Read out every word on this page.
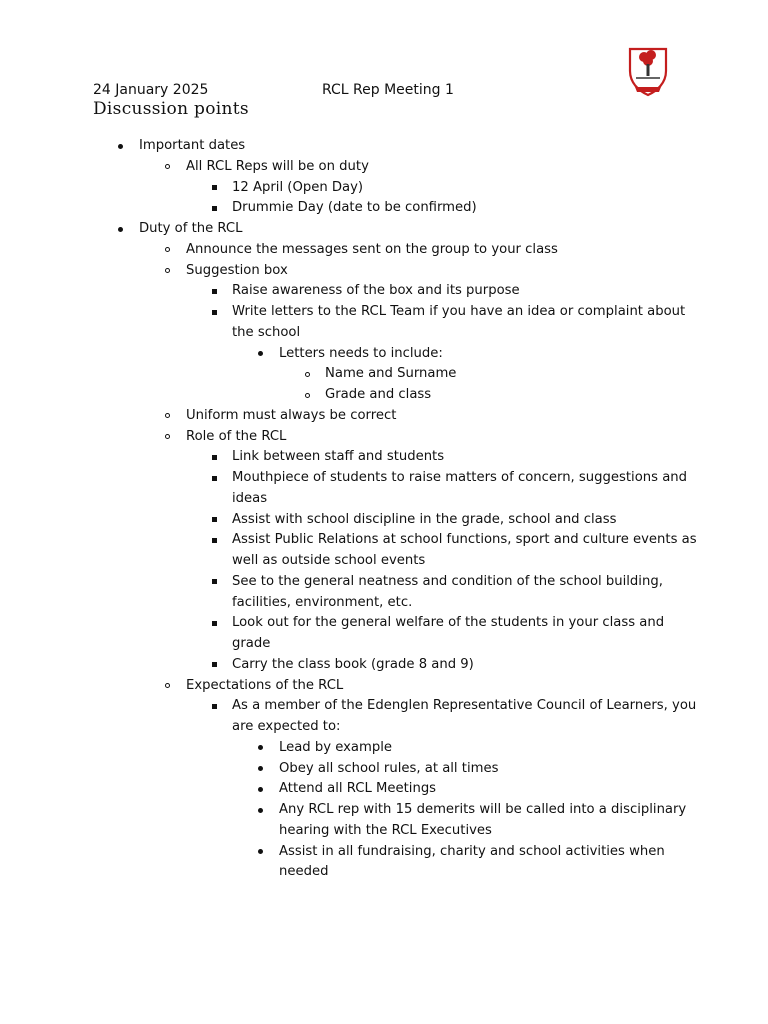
24 January 2025	RCL Rep Meeting 1
Discussion points
Important dates
All RCL Reps will be on duty
12 April (Open Day)
Drummie Day (date to be confirmed)
Duty of the RCL
Announce the messages sent on the group to your class
Suggestion box
Raise awareness of the box and its purpose
Write letters to the RCL Team if you have an idea or complaint about
the school
Letters needs to include:
Name and Surname
Grade and class
Uniform must always be correct
Role of the RCL
Link between staff and students
Mouthpiece of students to raise matters of concern, suggestions and
ideas
Assist with school discipline in the grade, school and class
Assist Public Relations at school functions, sport and culture events as
well as outside school events
See to the general neatness and condition of the school building,
facilities, environment, etc.
Look out for the general welfare of the students in your class and
grade
Carry the class book (grade 8 and 9)
Expectations of the RCL
As a member of the Edenglen Representative Council of Learners, you
are expected to:
Lead by example
Obey all school rules, at all times
Attend all RCL Meetings
Any RCL rep with 15 demerits will be called into a disciplinary
hearing with the RCL Executives
Assist in all fundraising, charity and school activities when
needed
